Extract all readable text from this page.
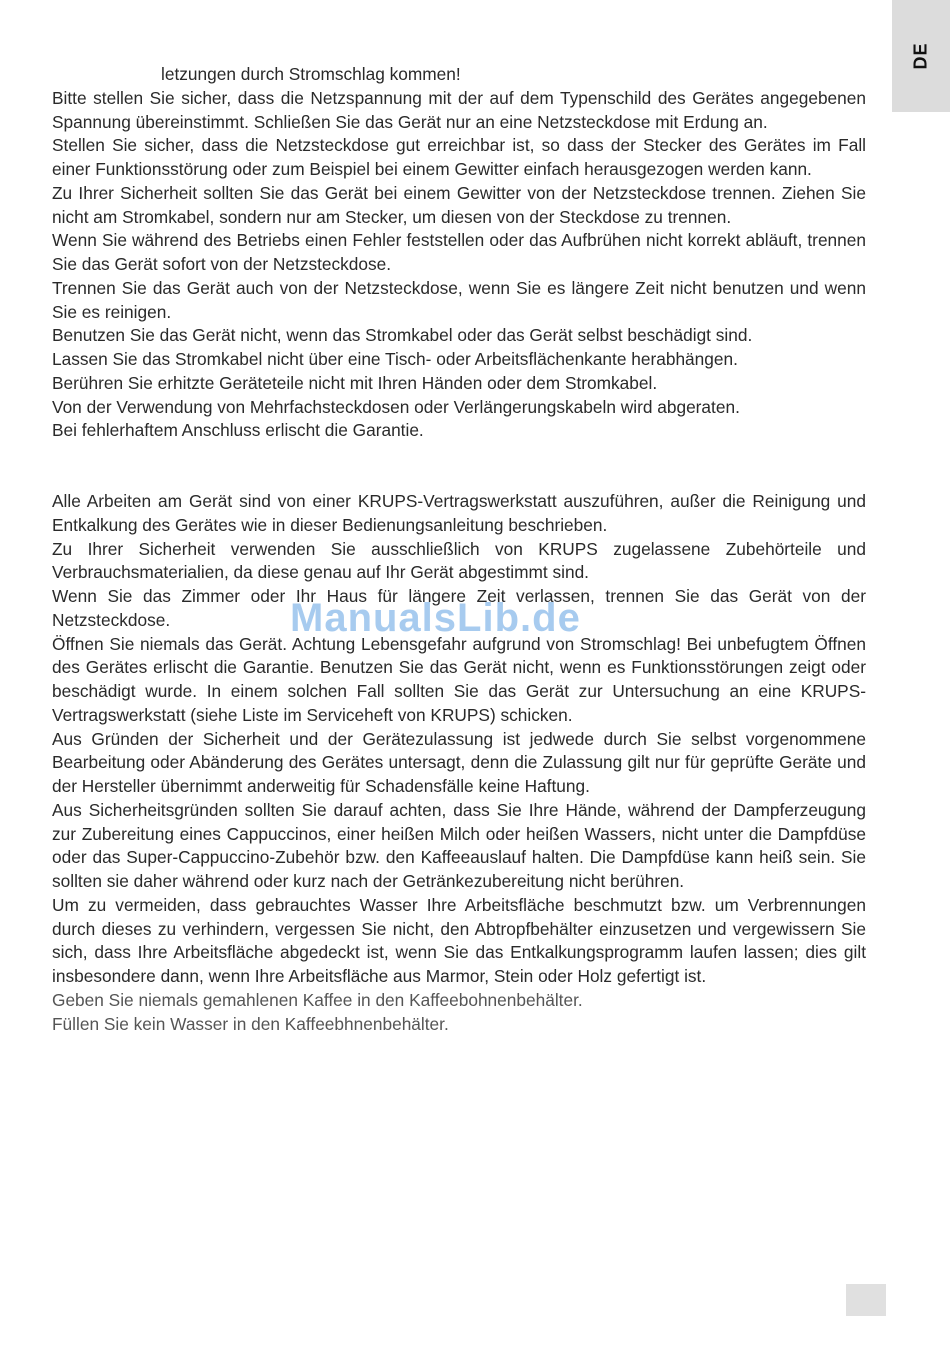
DE

letzungen durch Stromschlag kommen!

Bitte stellen Sie sicher, dass die Netzspannung mit der auf dem Typenschild des Gerätes angegebenen Spannung übereinstimmt. Schließen Sie das Gerät nur an eine Netzsteckdose mit Erdung an.

Stellen Sie sicher, dass die Netzsteckdose gut erreichbar ist, so dass der Stecker des Gerätes im Fall einer Funktionsstörung oder zum Beispiel bei einem Gewitter einfach herausgezogen werden kann.

Zu Ihrer Sicherheit sollten Sie das Gerät bei einem Gewitter von der Netzsteckdose trennen. Ziehen Sie nicht am Stromkabel, sondern nur am Stecker, um diesen von der Steckdose zu trennen.

Wenn Sie während des Betriebs einen Fehler feststellen oder das Aufbrühen nicht korrekt abläuft, trennen Sie das Gerät sofort von der Netzsteckdose.

Trennen Sie das Gerät auch von der Netzsteckdose, wenn Sie es längere Zeit nicht benutzen und wenn Sie es reinigen.

Benutzen Sie das Gerät nicht, wenn das Stromkabel oder das Gerät selbst beschädigt sind.

Lassen Sie das Stromkabel nicht über eine Tisch- oder Arbeitsflächenkante herabhängen.

Berühren Sie erhitzte Geräteteile nicht mit Ihren Händen oder dem Stromkabel.

Von der Verwendung von Mehrfachsteckdosen oder Verlängerungskabeln wird abgeraten.

Bei fehlerhaftem Anschluss erlischt die Garantie.

Alle Arbeiten am Gerät sind von einer KRUPS-Vertragswerkstatt auszuführen, außer die Reinigung und Entkalkung des Gerätes wie in dieser Bedienungsanleitung beschrieben.

Zu Ihrer Sicherheit verwenden Sie ausschließlich von KRUPS zugelassene Zubehörteile und Verbrauchsmaterialien, da diese genau auf Ihr Gerät abgestimmt sind.

Wenn Sie das Zimmer oder Ihr Haus für längere Zeit verlassen, trennen Sie das Gerät von der Netzsteckdose.

Öffnen Sie niemals das Gerät. Achtung Lebensgefahr aufgrund von Stromschlag! Bei unbefugtem Öffnen des Gerätes erlischt die Garantie. Benutzen Sie das Gerät nicht, wenn es Funktionsstörungen zeigt oder beschädigt wurde. In einem solchen Fall sollten Sie das Gerät zur Untersuchung an eine KRUPS-Vertragswerkstatt (siehe Liste im Serviceheft von KRUPS) schicken.

Aus Gründen der Sicherheit und der Gerätezulassung ist jedwede durch Sie selbst vorgenommene Bearbeitung oder Abänderung des Gerätes untersagt, denn die Zulassung gilt nur für geprüfte Geräte und der Hersteller übernimmt anderweitig für Schadensfälle keine Haftung.

Aus Sicherheitsgründen sollten Sie darauf achten, dass Sie Ihre Hände, während der Dampferzeugung zur Zubereitung eines Cappuccinos, einer heißen Milch oder heißen Wassers, nicht unter die Dampfdüse oder das Super-Cappuccino-Zubehör bzw. den Kaffeeauslauf halten. Die Dampfdüse kann heiß sein. Sie sollten sie daher während oder kurz nach der Getränkezubereitung nicht berühren.

Um zu vermeiden, dass gebrauchtes Wasser Ihre Arbeitsfläche beschmutzt bzw. um Verbrennungen durch dieses zu verhindern, vergessen Sie nicht, den Abtropfbehälter einzusetzen und vergewissern Sie sich, dass Ihre Arbeitsfläche abgedeckt ist, wenn Sie das Entkalkungsprogramm laufen lassen; dies gilt insbesondere dann, wenn Ihre Arbeitsfläche aus Marmor, Stein oder Holz gefertigt ist.

Geben Sie niemals gemahlenen Kaffee in den Kaffeebohnenbehälter.

Füllen Sie kein Wasser in den Kaffeebhnenbehälter.

ManualsLib.de
